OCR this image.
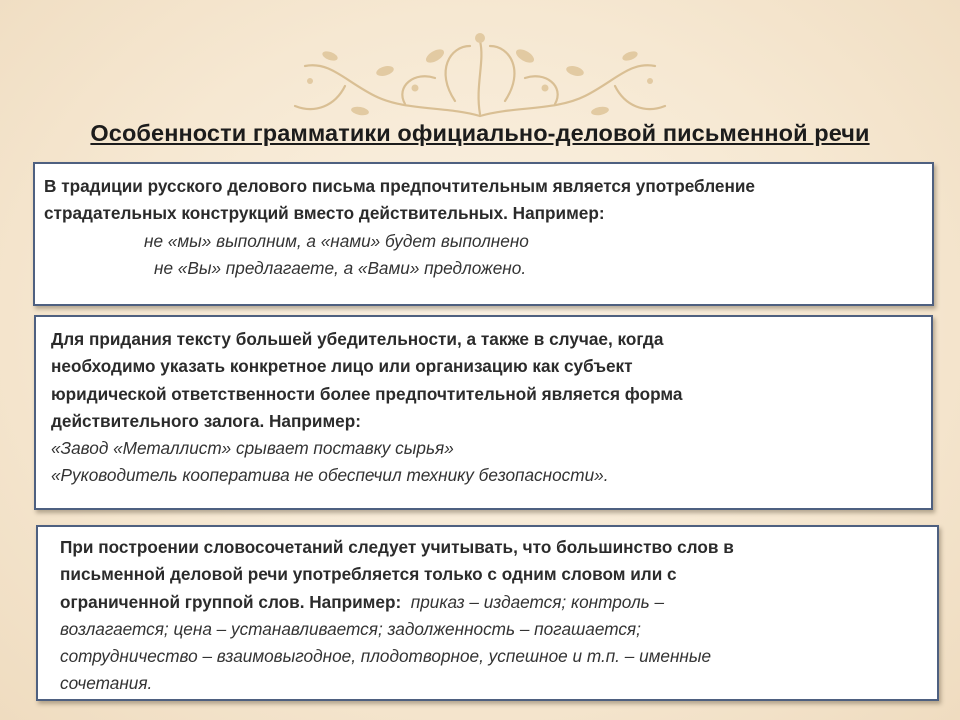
Особенности грамматики официально-деловой письменной речи
В традиции русского делового письма предпочтительным является употребление
страдательных конструкций вместо действительных. Например:
не «мы» выполним, а «нами» будет выполнено
не «Вы» предлагаете, а «Вами» предложено.
Для придания тексту большей убедительности, а также в случае, когда
необходимо указать конкретное лицо или организацию как субъект
юридической ответственности более предпочтительной является форма
действительного залога. Например:
«Завод «Металлист» срывает поставку сырья»
«Руководитель кооператива не обеспечил технику безопасности».
При построении словосочетаний следует учитывать, что большинство слов в
письменной деловой речи употребляется только с одним словом или с
ограниченной группой слов. Например: приказ – издается; контроль –
возлагается; цена – устанавливается; задолженность – погашается;
сотрудничество – взаимовыгодное, плодотворное, успешное и т.п. – именные
сочетания.
